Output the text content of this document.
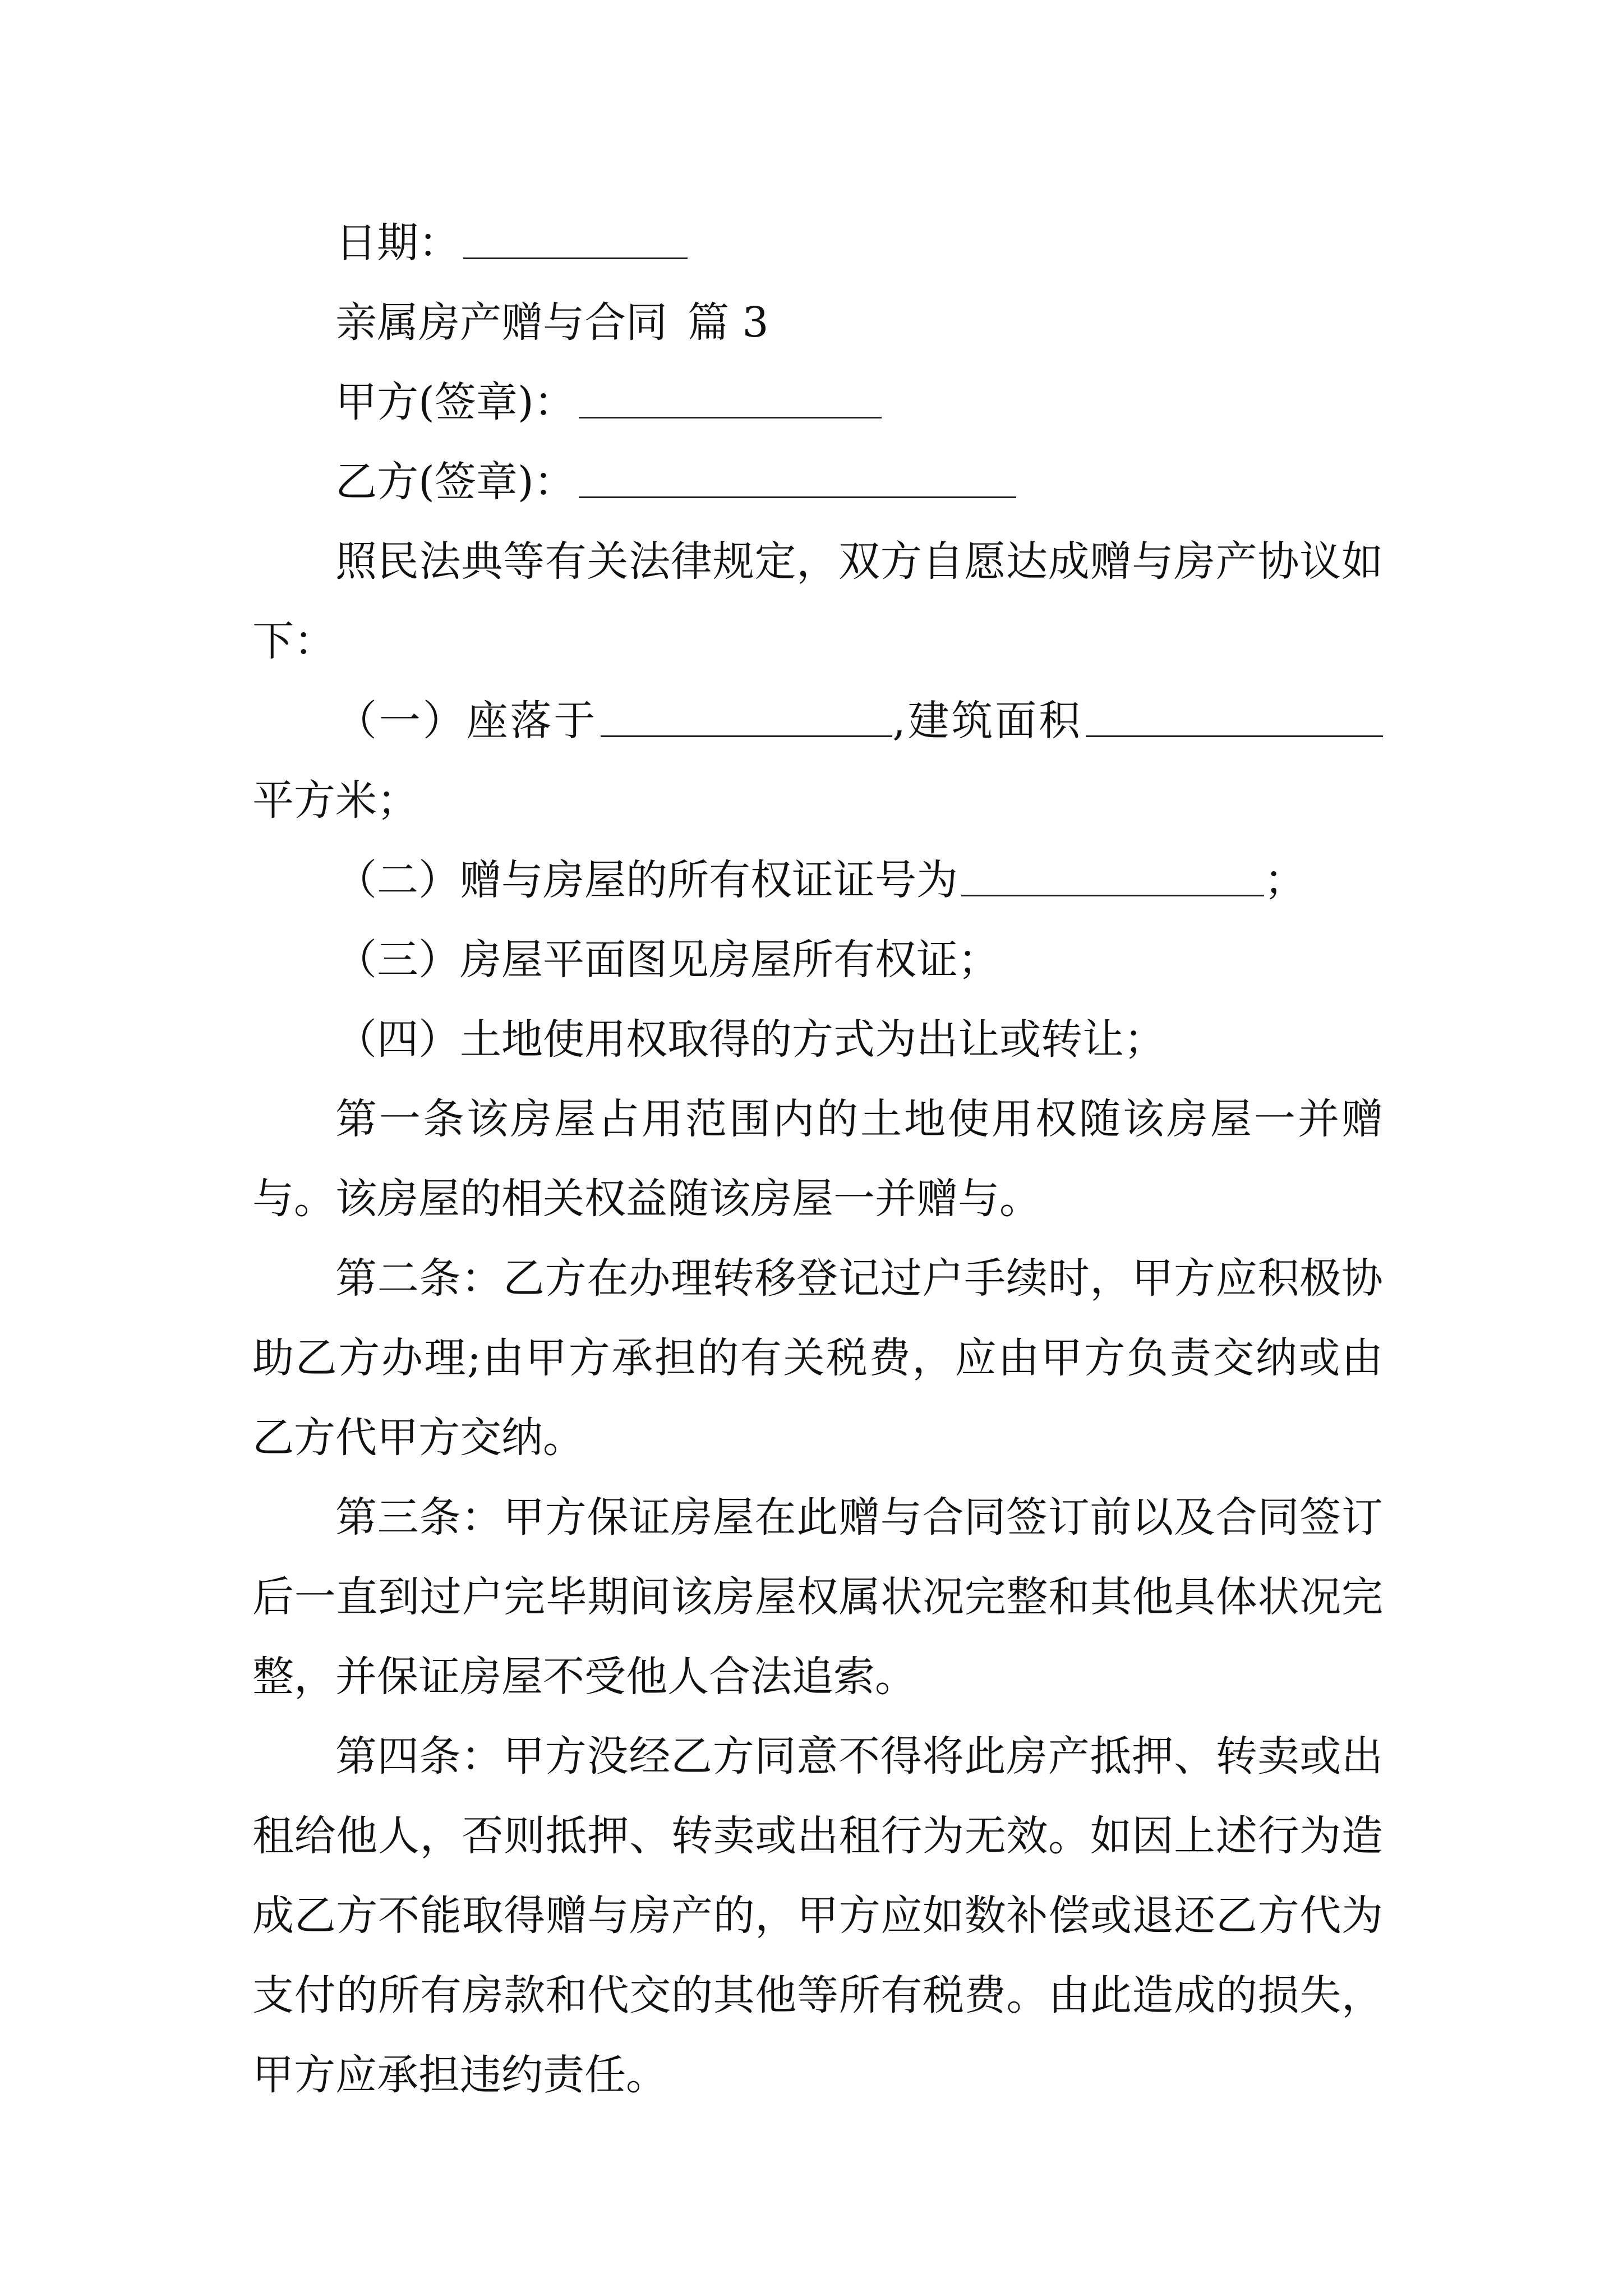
日期：

亲属房产赠与合同 篇 3

甲方(签章)：

乙方(签章)：

照民法典等有关法律规定，双方自愿达成赠与房产协议如下：

（一）座落于	,建筑面积平方米；

（二）赠与房屋的所有权证证号为	；

（三）房屋平面图见房屋所有权证；

（四）土地使用权取得的方式为出让或转让；

第一条该房屋占用范围内的土地使用权随该房屋一并赠与。该房屋的相关权益随该房屋一并赠与。

第二条：乙方在办理转移登记过户手续时，甲方应积极协助乙方办理;由甲方承担的有关税费，应由甲方负责交纳或由乙方代甲方交纳。

第三条：甲方保证房屋在此赠与合同签订前以及合同签订后一直到过户完毕期间该房屋权属状况完整和其他具体状况完整，并保证房屋不受他人合法追索。

第四条：甲方没经乙方同意不得将此房产抵押、转卖或出租给他人，否则抵押、转卖或出租行为无效。如因上述行为造成乙方不能取得赠与房产的，甲方应如数补偿或退还乙方代为支付的所有房款和代交的其他等所有税费。由此造成的损失，甲方应承担违约责任。
